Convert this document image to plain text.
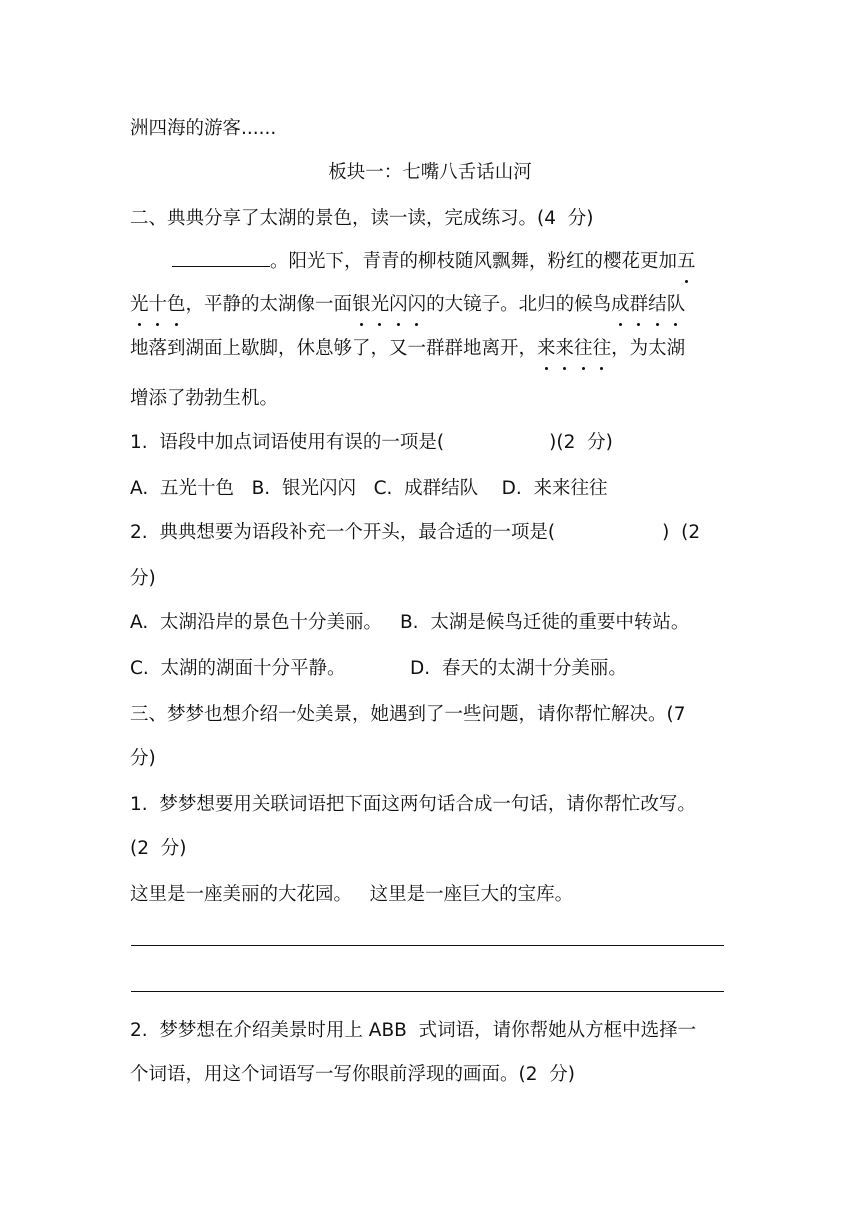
洲四海的游客......
板块一：七嘴八舌话山河
二、典典分享了太湖的景色，读一读，完成练习。(4  分)
。阳光下，青青的柳枝随风飘舞，粉红的樱花更加五
光十色，平静的太湖像一面银光闪闪的大镜子。北归的候鸟成群结队
地落到湖面上歇脚，休息够了，又一群群地离开，来来往往，为太湖
增添了勃勃生机。
1.  语段中加点词语使用有误的一项是(	)(2  分)
A.  五光十色   B.  银光闪闪   C.  成群结队    D.  来来往往
2.  典典想要为语段补充一个开头，最合适的一项是(	)  (2
分)
A.  太湖沿岸的景色十分美丽。 B.  太湖是候鸟迁徙的重要中转站。
C.  太湖的湖面十分平静。	D.  春天的太湖十分美丽。
三、梦梦也想介绍一处美景，她遇到了一些问题，请你帮忙解决。(7
分)
1.  梦梦想要用关联词语把下面这两句话合成一句话，请你帮忙改写。
(2  分)
这里是一座美丽的大花园。   这里是一座巨大的宝库。
2.  梦梦想在介绍美景时用上 ABB  式词语，请你帮她从方框中选择一
个词语，用这个词语写一写你眼前浮现的画面。(2  分)
